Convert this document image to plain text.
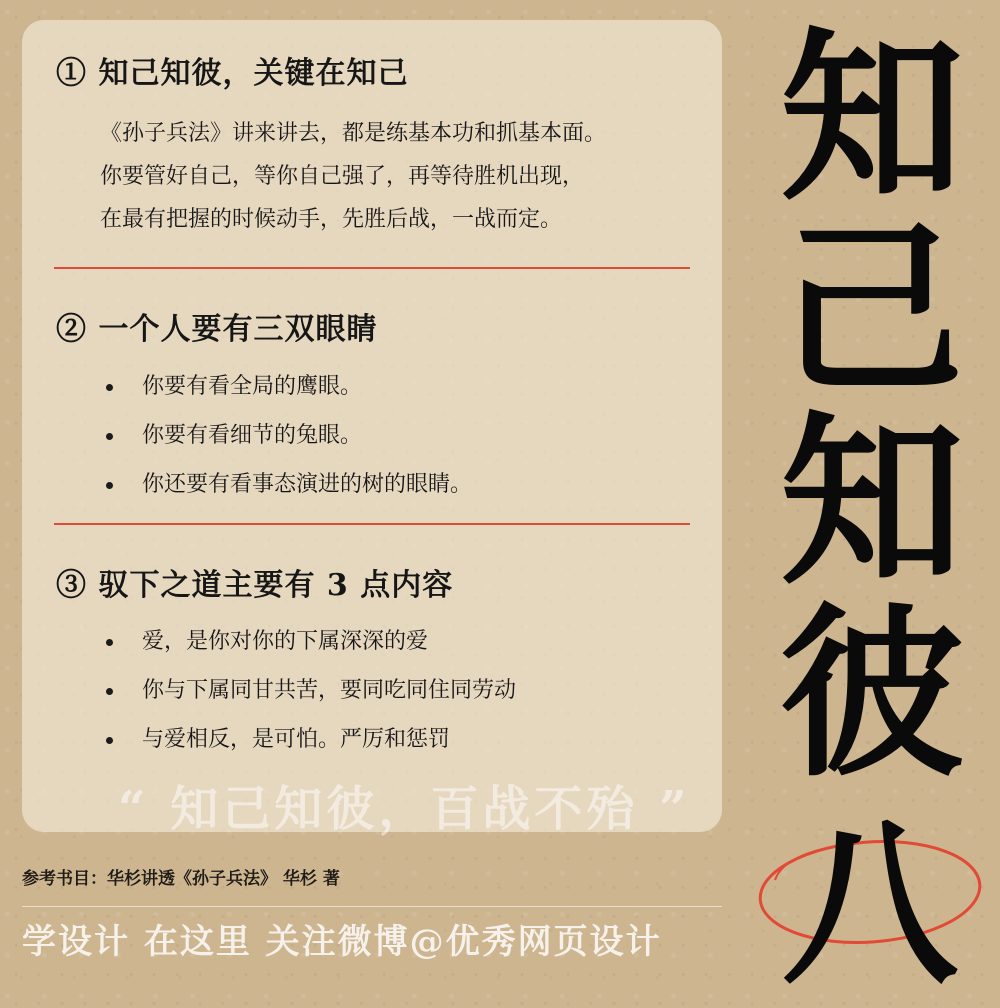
① 知己知彼，关键在知己
《孙子兵法》讲来讲去，都是练基本功和抓基本面。
你要管好自己，等你自己强了，再等待胜机出现，
在最有把握的时候动手，先胜后战，一战而定。
② 一个人要有三双眼睛
你要有看全局的鹰眼。
你要有看细节的兔眼。
你还要有看事态演进的树的眼睛。
③ 驭下之道主要有 3 点内容
爱，是你对你的下属深深的爱
你与下属同甘共苦，要同吃同住同劳动
与爱相反，是可怕。严厉和惩罚
“ 知己知彼，百战不殆 ”
参考书目：华杉讲透《孙子兵法》 华杉 著
学设计 在这里 关注微博@优秀网页设计
知
己
知
彼
八
